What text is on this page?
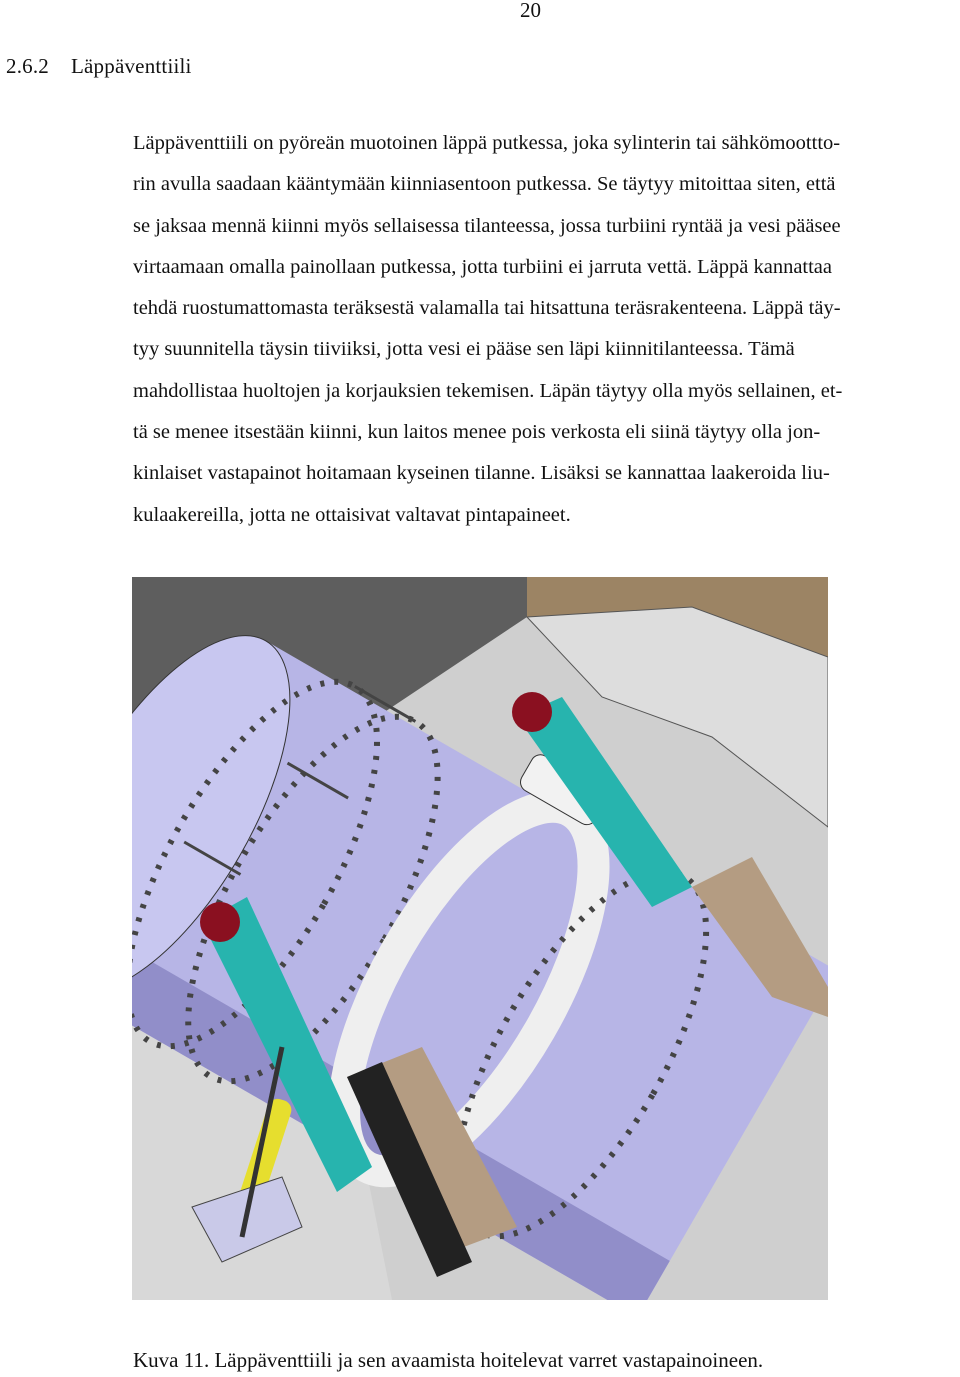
20
2.6.2 Läppäventtiili
Läppäventtiili on pyöreän muotoinen läppä putkessa, joka sylinterin tai sähkömoottto-
rin avulla saadaan kääntymään kiinniasentoon putkessa. Se täytyy mitoittaa siten, että
se jaksaa mennä kiinni myös sellaisessa tilanteessa, jossa turbiini ryntää ja vesi pääsee
virtaamaan omalla painollaan putkessa, jotta turbiini ei jarruta vettä. Läppä kannattaa
tehdä ruostumattomasta teräksestä valamalla tai hitsattuna teräsrakenteena. Läppä täy-
tyy suunnitella täysin tiiviiksi, jotta vesi ei pääse sen läpi kiinnitilanteessa. Tämä
mahdollistaa huoltojen ja korjauksien tekemisen. Läpän täytyy olla myös sellainen, et-
tä se menee itsestään kiinni, kun laitos menee pois verkosta eli siinä täytyy olla jon-
kinlaiset vastapainot hoitamaan kyseinen tilanne. Lisäksi se kannattaa laakeroida liu-
kulaakereilla, jotta ne ottaisivat valtavat pintapaineet.
Kuva 11. Läppäventtiili ja sen avaamista hoitelevat varret vastapainoineen.
